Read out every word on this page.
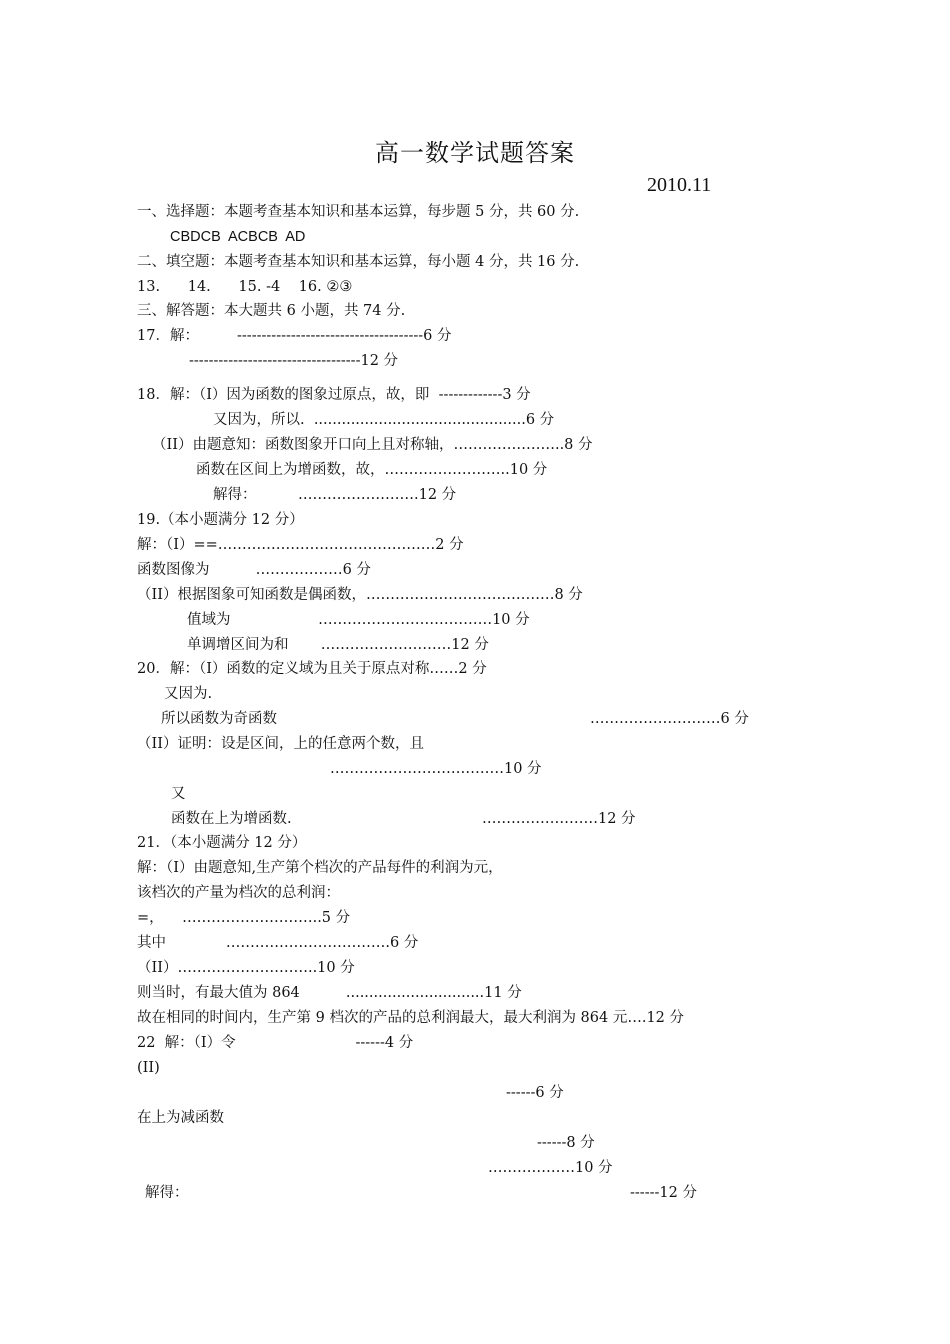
高一数学试题答案
2010.11
一、选择题：本题考查基本知识和基本运算，每步题 5 分，共 60 分.
CBDCB  ACBCB  AD
二、填空题：本题考查基本知识和基本运算，每小题 4 分，共 16 分.
13.      14.      15. -4    16. ②③
三、解答题：本大题共 6 小题，共 74 分.
17．解：	--------------------------------------6 分
-----------------------------------12 分
18．解：（I）因为函数的图象过原点，故，即  -------------3 分
又因为，所以.  ..............................................6 分
（II）由题意知：函数图象开口向上且对称轴，…………………..8 分
函数在区间上为增函数，故，……………………..10 分
解得：         …………………….12 分
19.（本小题满分 12 分）
解：（I）==………………………………………2 分
函数图像为          ………………6 分
（II）根据图象可知函数是偶函数，…………………………………8 分
值域为                   ………………………………10 分
单调增区间为和       ………………………12 分
20．解：（I）函数的定义域为且关于原点对称……2 分
又因为.
所以函数为奇函数	………………………6 分
（II）证明：设是区间，上的任意两个数，且
………………………………10 分
又
函数在上为增函数.	……………………12 分
21．（本小题满分 12 分）
解：（I）由题意知,生产第个档次的产品每件的利润为元，
该档次的产量为档次的总利润：
=，    ………………………..5 分
其中             …………………………….6 分
（II）………………………..10 分
则当时，有最大值为 864          ..............................11 分
故在相同的时间内，生产第 9 档次的产品的总利润最大，最大利润为 864 元….12 分
22  解：（I）令                          ------4 分
(II)
------6 分
在上为减函数
------8 分
………………10 分
解得：	------12 分
